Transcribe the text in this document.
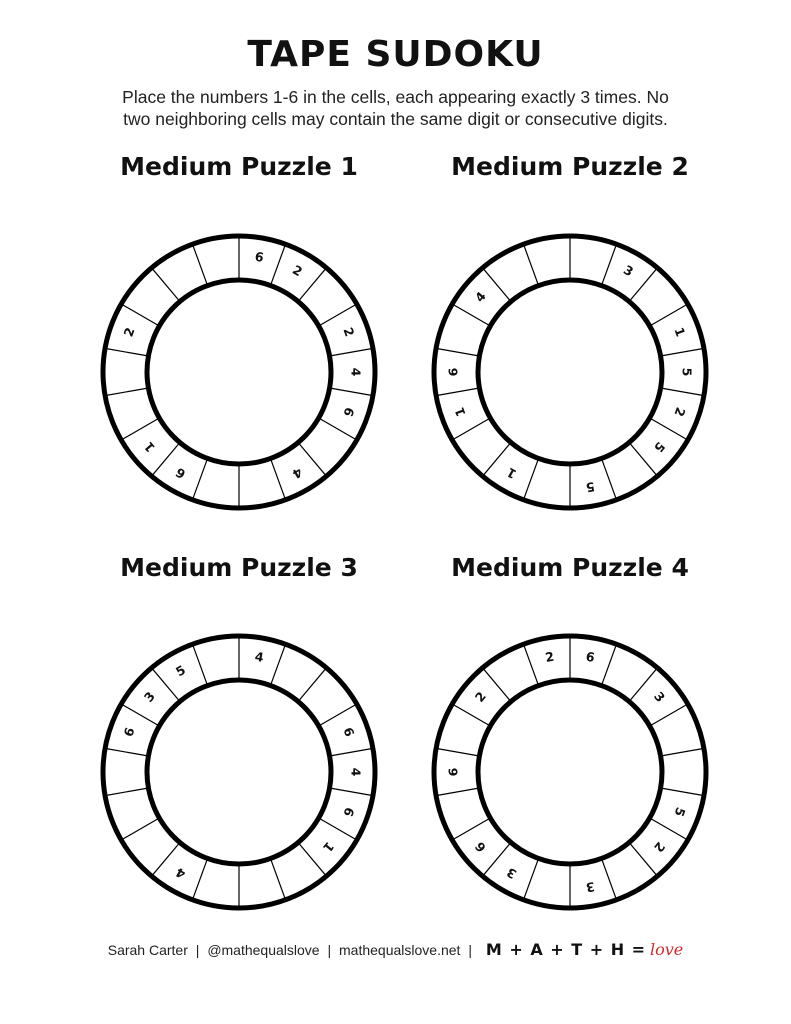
TAPE SUDOKU
Place the numbers 1-6 in the cells, each appearing exactly 3 times. No
two neighboring cells may contain the same digit or consecutive digits.
Medium Puzzle 1	Medium Puzzle 2
Medium Puzzle 3	Medium Puzzle 4
6
2
2
4
6
4
6
1
2
3
1
5
2
5
5
1
1
6
4
4
6
4
6
1
4
6
3
5
6
3
5
2
3
3
6
6
2
2
Sarah Carter | @mathequalslove | mathequalslove.net | M + A + T + H = love
